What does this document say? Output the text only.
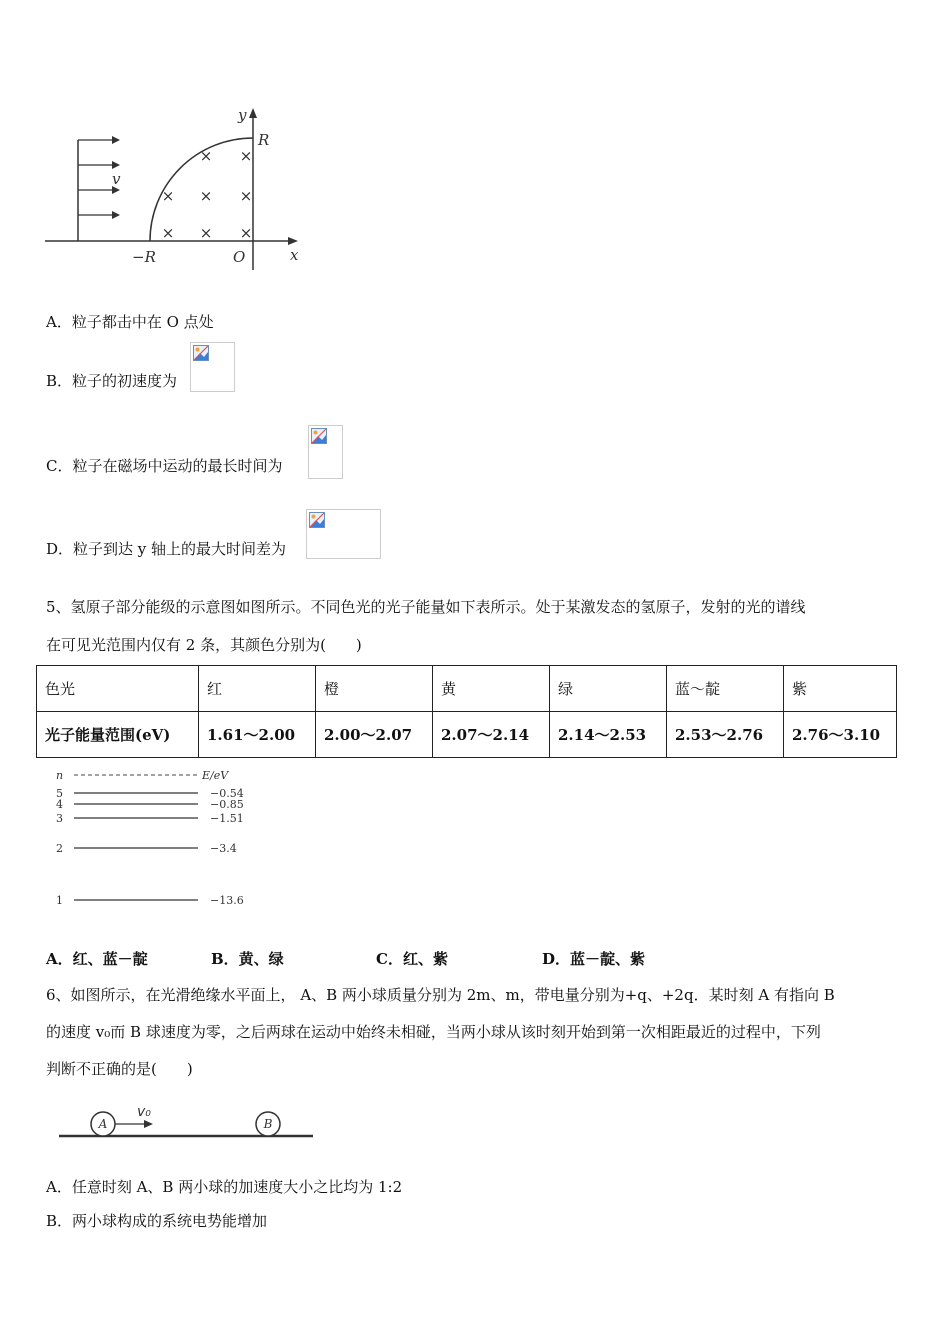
× ×
× × ×
× × ×
y
R
−R	O	x
v
A．粒子都击中在 O 点处
B．粒子的初速度为
C．粒子在磁场中运动的最长时间为
D．粒子到达 y 轴上的最大时间差为
5、氢原子部分能级的示意图如图所示。不同色光的光子能量如下表所示。处于某激发态的氢原子，发射的光的谱线
在可见光范围内仅有 2 条，其颜色分别为(　　)
色光	红	橙	黄	绿	蓝～靛	紫
光子能量范围(eV)	1.61～2.00	2.00～2.07	2.07～2.14	2.14～2.53	2.53～2.76	2.76～3.10
n	E/eV
5
4
3
2
1
−0.54
−0.85
−1.51
−3.4
−13.6
A．红、蓝－靛	B．黄、绿	C．红、紫	D．蓝－靛、紫
6、如图所示，在光滑绝缘水平面上， A、B 两小球质量分别为 2m、m，带电量分别为+q、+2q．某时刻 A 有指向 B
的速度 v₀而 B 球速度为零，之后两球在运动中始终未相碰，当两小球从该时刻开始到第一次相距最近的过程中，下列
判断不正确的是(　　)
A	B
v₀
A．任意时刻 A、B 两小球的加速度大小之比均为 1:2
B．两小球构成的系统电势能增加
